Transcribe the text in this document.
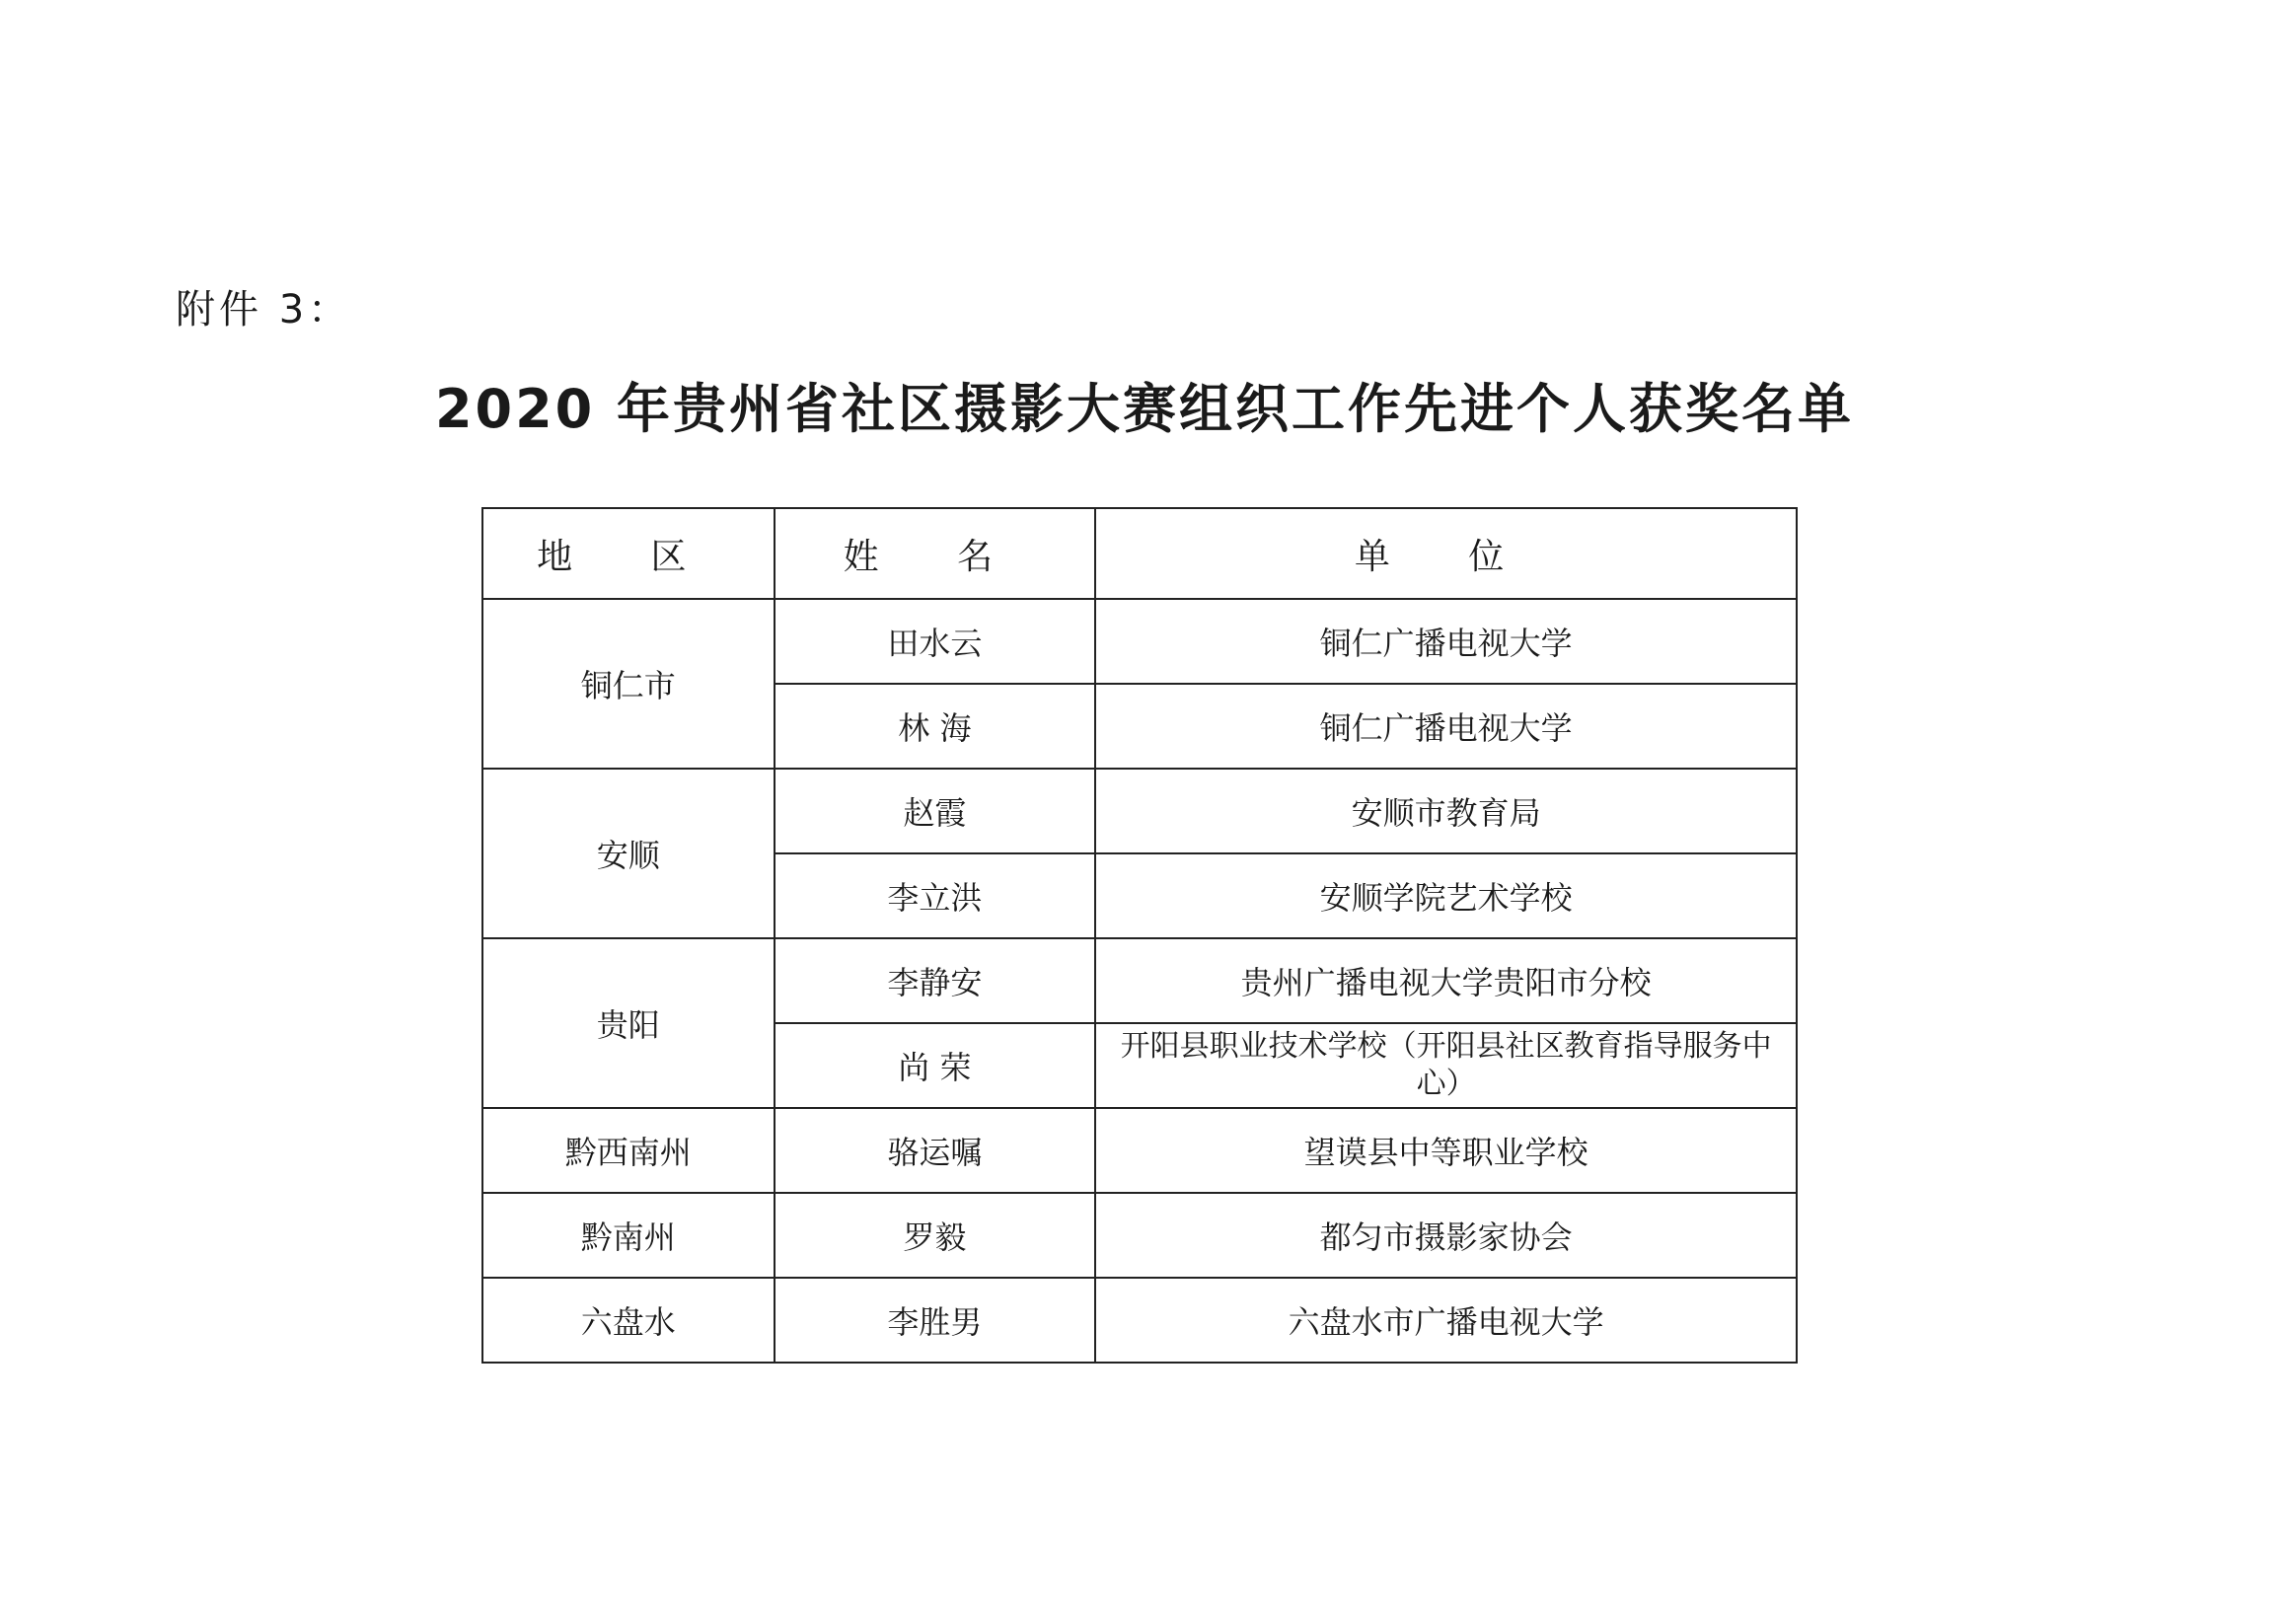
附件 3：
2020 年贵州省社区摄影大赛组织工作先进个人获奖名单
地 区	姓 名	单 位
铜仁市	田水云	铜仁广播电视大学
	林 海	铜仁广播电视大学
安顺	赵霞	安顺市教育局
	李立洪	安顺学院艺术学校
贵阳	李静安	贵州广播电视大学贵阳市分校
	尚 荣	开阳县职业技术学校（开阳县社区教育指导服务中心）
黔西南州	骆运嘱	望谟县中等职业学校
黔南州	罗毅	都匀市摄影家协会
六盘水	李胜男	六盘水市广播电视大学
